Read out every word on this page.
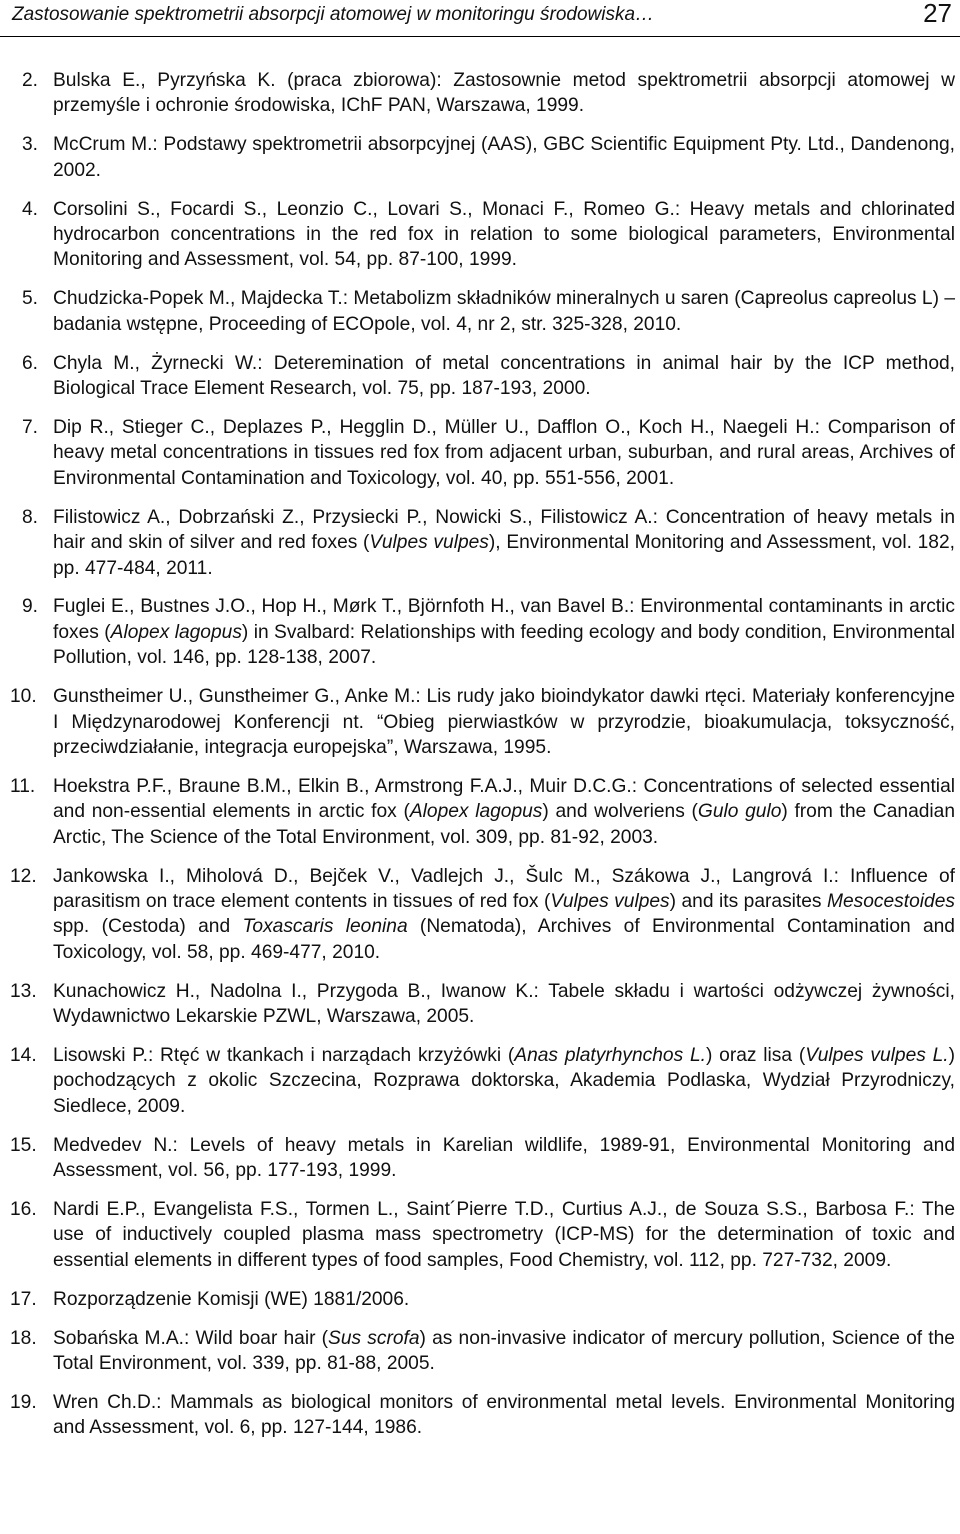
Zastosowanie spektrometrii absorpcji atomowej w monitoringu środowiska…	27
2. Bulska E., Pyrzyńska K. (praca zbiorowa): Zastosownie metod spektrometrii absorpcji atomowej w przemyśle i ochronie środowiska, IChF PAN, Warszawa, 1999.
3. McCrum M.: Podstawy spektrometrii absorpcyjnej (AAS), GBC Scientific Equipment Pty. Ltd., Dandenong, 2002.
4. Corsolini S., Focardi S., Leonzio C., Lovari S., Monaci F., Romeo G.: Heavy metals and chlorinated hydrocarbon concentrations in the red fox in relation to some biological parameters, Environmental Monitoring and Assessment, vol. 54, pp. 87-100, 1999.
5. Chudzicka-Popek M., Majdecka T.: Metabolizm składników mineralnych u saren (Capreolus capreolus L) – badania wstępne, Proceeding of ECOpole, vol. 4, nr 2, str. 325-328, 2010.
6. Chyla M., Żyrnecki W.: Deteremination of metal concentrations in animal hair by the ICP method, Biological Trace Element Research, vol. 75, pp. 187-193, 2000.
7. Dip R., Stieger C., Deplazes P., Hegglin D., Müller U., Dafflon O., Koch H., Naegeli H.: Comparison of heavy metal concentrations in tissues red fox from adjacent urban, suburban, and rural areas, Archives of Environmental Contamination and Toxicology, vol. 40, pp. 551-556, 2001.
8. Filistowicz A., Dobrzański Z., Przysiecki P., Nowicki S., Filistowicz A.: Concentration of heavy metals in hair and skin of silver and red foxes (Vulpes vulpes), Environmental Monitoring and Assessment, vol. 182, pp. 477-484, 2011.
9. Fuglei E., Bustnes J.O., Hop H., Mørk T., Björnfoth H., van Bavel B.: Environmental contaminants in arctic foxes (Alopex lagopus) in Svalbard: Relationships with feeding ecology and body condition, Environmental Pollution, vol. 146, pp. 128-138, 2007.
10. Gunstheimer U., Gunstheimer G., Anke M.: Lis rudy jako bioindykator dawki rtęci. Materiały konferencyjne I Międzynarodowej Konferencji nt. “Obieg pierwiastków w przyrodzie, bioakumulacja, toksyczność, przeciwdziałanie, integracja europejska”, Warszawa, 1995.
11. Hoekstra P.F., Braune B.M., Elkin B., Armstrong F.A.J., Muir D.C.G.: Concentrations of selected essential and non-essential elements in arctic fox (Alopex lagopus) and wolveriens (Gulo gulo) from the Canadian Arctic, The Science of the Total Environment, vol. 309, pp. 81-92, 2003.
12. Jankowska I., Miholová D., Bejček V., Vadlejch J., Šulc M., Szákowa J., Langrová I.: Influence of parasitism on trace element contents in tissues of red fox (Vulpes vulpes) and its parasites Mesocestoides spp. (Cestoda) and Toxascaris leonina (Nematoda), Archives of Environmental Contamination and Toxicology, vol. 58, pp. 469-477, 2010.
13. Kunachowicz H., Nadolna I., Przygoda B., Iwanow K.: Tabele składu i wartości odżywczej żywności, Wydawnictwo Lekarskie PZWL, Warszawa, 2005.
14. Lisowski P.: Rtęć w tkankach i narządach krzyżówki (Anas platyrhynchos L.) oraz lisa (Vulpes vulpes L.) pochodzących z okolic Szczecina, Rozprawa doktorska, Akademia Podlaska, Wydział Przyrodniczy, Siedlece, 2009.
15. Medvedev N.: Levels of heavy metals in Karelian wildlife, 1989-91, Environmental Monitoring and Assessment, vol. 56, pp. 177-193, 1999.
16. Nardi E.P., Evangelista F.S., Tormen L., Saint´Pierre T.D., Curtius A.J., de Souza S.S., Barbosa F.: The use of inductively coupled plasma mass spectrometry (ICP-MS) for the determination of toxic and essential elements in different types of food samples, Food Chemistry, vol. 112, pp. 727-732, 2009.
17. Rozporządzenie Komisji (WE) 1881/2006.
18. Sobańska M.A.: Wild boar hair (Sus scrofa) as non-invasive indicator of mercury pollution, Science of the Total Environment, vol. 339, pp. 81-88, 2005.
19. Wren Ch.D.: Mammals as biological monitors of environmental metal levels. Environmental Monitoring and Assessment, vol. 6, pp. 127-144, 1986.
